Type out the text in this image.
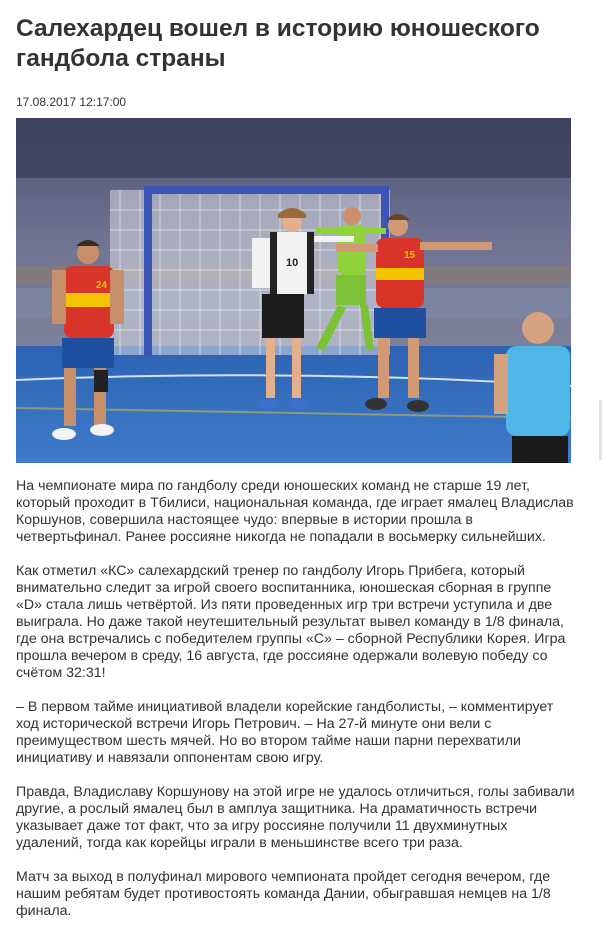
Салехардец вошел в историю юношеского гандбола страны
17.08.2017 12:17:00
10
24
15

На чемпионате мира по гандболу среди юношеских команд не старше 19 лет, который проходит в Тбилиси, национальная команда, где играет ямалец Владислав Коршунов, совершила настоящее чудо: впервые в истории прошла в четвертьфинал. Ранее россияне никогда не попадали в восьмерку сильнейших.

Как отметил «КС» салехардский тренер по гандболу Игорь Прибега, который внимательно следит за игрой своего воспитанника, юношеская сборная в группе «D» стала лишь четвёртой. Из пяти проведенных игр три встречи уступила и две выиграла. Но даже такой неутешительный результат вывел команду в 1/8 финала, где она встречались с победителем группы «С» – сборной Республики Корея. Игра прошла вечером в среду, 16 августа, где россияне одержали волевую победу со счётом 32:31!

– В первом тайме инициативой владели корейские гандболисты, – комментирует ход исторической встречи Игорь Петрович. – На 27-й минуте они вели с преимуществом шесть мячей. Но во втором тайме наши парни перехватили инициативу и навязали оппонентам свою игру.

Правда, Владиславу Коршунову на этой игре не удалось отличиться, голы забивали другие, а рослый ямалец был в амплуа защитника. На драматичность встречи указывает даже тот факт, что за игру россияне получили 11 двухминутных удалений, тогда как корейцы играли в меньшинстве всего три раза.

Матч за выход в полуфинал мирового чемпионата пройдет сегодня вечером, где нашим ребятам будет противостоять команда Дании, обыгравшая немцев на 1/8 финала.
